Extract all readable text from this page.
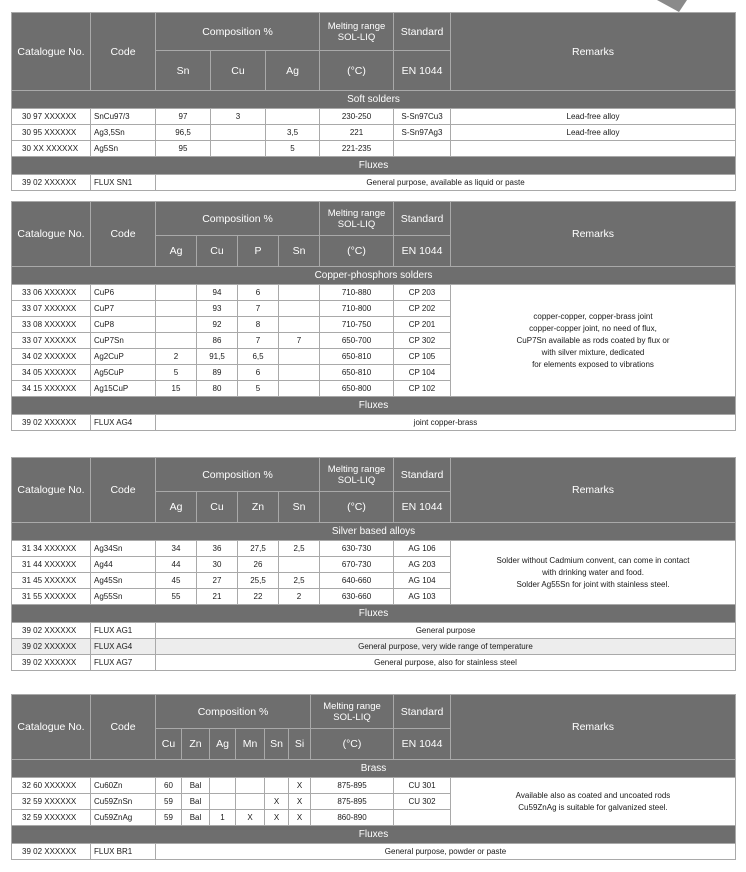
Catalogue No.	Code	Composition %			Melting range
SOL-LIQ	Standard	Remarks
		Sn	Cu	Ag	(°C)	EN 1044	
Soft solders							
30 97 XXXXXX	SnCu97/3	97	3		230-250	S-Sn97Cu3	Lead-free alloy
30 95 XXXXXX	Ag3,5Sn	96,5		3,5	221	S-Sn97Ag3	Lead-free alloy
30 XX XXXXXX	Ag5Sn	95		5	221-235		
Fluxes							
39 02 XXXXXX	FLUX SN1	General purpose, available as liquid or paste					
Catalogue No.	Code	Composition %				Melting range
SOL-LIQ	Standard	Remarks
		Ag	Cu	P	Sn	(°C)	EN 1044	
Copper-phosphors solders								
33 06 XXXXXX	CuP6		94	6		710-880	CP 203	copper-copper, copper-brass joint
copper-copper joint, no need of flux,
CuP7Sn available as rods coated by flux or
with silver mixture, dedicated
for elements exposed to vibrations

33 07 XXXXXX	CuP7		93	7		710-800	CP 202	
33 08 XXXXXX	CuP8		92	8		710-750	CP 201	
33 07 XXXXXX	CuP7Sn		86	7	7	650-700	CP 302	
34 02 XXXXXX	Ag2CuP	2	91,5	6,5		650-810	CP 105	
34 05 XXXXXX	Ag5CuP	5	89	6		650-810	CP 104	
34 15 XXXXXX	Ag15CuP	15	80	5		650-800	CP 102	
Fluxes								
39 02 XXXXXX	FLUX AG4	joint copper-brass						
Catalogue No.	Code	Composition %				Melting range
SOL-LIQ	Standard	Remarks
		Ag	Cu	Zn	Sn	(°C)	EN 1044	
Silver based alloys								
31 34 XXXXXX	Ag34Sn	34	36	27,5	2,5	630-730	AG 106	Solder without Cadmium convent, can come in contact
with drinking water and food.
Solder Ag55Sn for joint with stainless steel.

31 44 XXXXXX	Ag44	44	30	26		670-730	AG 203	
31 45 XXXXXX	Ag45Sn	45	27	25,5	2,5	640-660	AG 104	
31 55 XXXXXX	Ag55Sn	55	21	22	2	630-660	AG 103	
Fluxes								
39 02 XXXXXX	FLUX AG1	General purpose						
39 02 XXXXXX	FLUX AG4	General purpose, very wide range of temperature						
39 02 XXXXXX	FLUX AG7	General purpose, also for stainless steel						
Catalogue No.	Code	Composition %						Melting range
SOL-LIQ	Standard	Remarks
		Cu	Zn	Ag	Mn	Sn	Si	(°C)	EN 1044	
Brass										
32 60 XXXXXX	Cu60Zn	60	Bal				X	875-895	CU 301	Available also as coated and uncoated rods
Cu59ZnAg is suitable for galvanized steel.

32 59 XXXXXX	Cu59ZnSn	59	Bal			X	X	875-895	CU 302	
32 59 XXXXXX	Cu59ZnAg	59	Bal	1	X	X	X	860-890		
Fluxes										
39 02 XXXXXX	FLUX BR1	General purpose, powder or paste								
